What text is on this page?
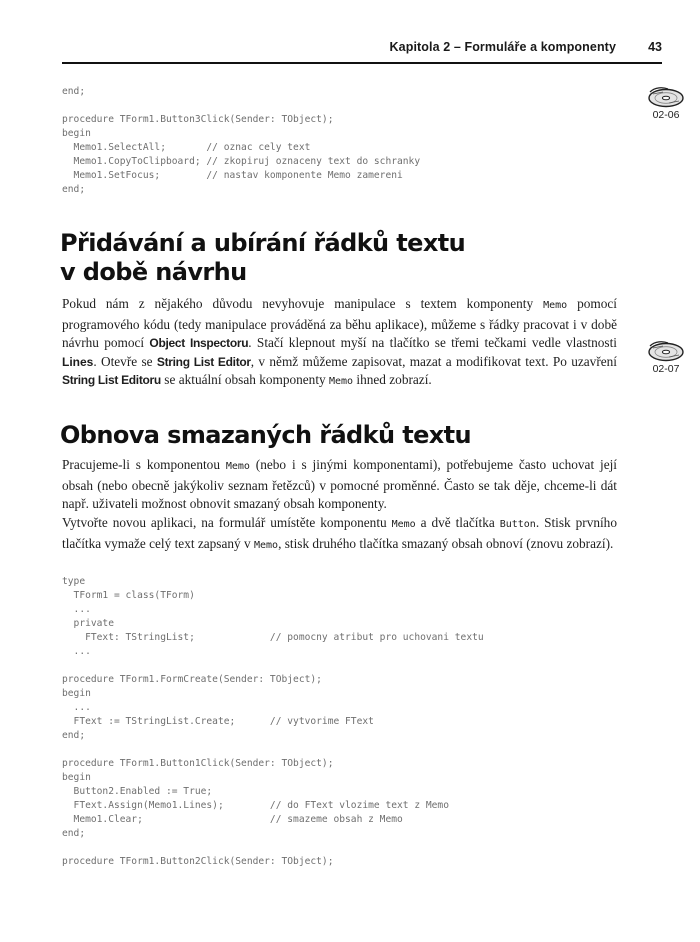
Kapitola 2 – Formuláře a komponenty	43
end;
procedure TForm1.Button3Click(Sender: TObject);
begin
Memo1.SelectAll;       // oznac cely text
Memo1.CopyToClipboard; // zkopiruj oznaceny text do schranky
Memo1.SetFocus;        // nastav komponente Memo zamereni
end;
02-06
Přidávání a ubírání řádků textu
v době návrhu

Pokud nám z nějakého důvodu nevyhovuje manipulace s textem komponenty Memo pomocí programového kódu (tedy manipulace prováděná za běhu aplikace), můžeme s řádky pracovat i v době návrhu pomocí Object Inspectoru. Stačí klepnout myší na tlačítko se třemi tečkami vedle vlastnosti Lines. Otevře se String List Editor, v němž můžeme zapisovat, mazat a modifikovat text. Po uzavření String List Editoru se aktuální obsah komponenty Memo ihned zobrazí.

02-07
Obnova smazaných řádků textu

Pracujeme-li s komponentou Memo (nebo i s jinými komponentami), potřebujeme často uchovat její obsah (nebo obecně jakýkoliv seznam řetězců) v pomocné proměnné. Často se tak děje, chceme-li dát např. uživateli možnost obnovit smazaný obsah komponenty.

Vytvořte novou aplikaci, na formulář umístěte komponentu Memo a dvě tlačítka Button. Stisk prvního tlačítka vymaže celý text zapsaný v Memo, stisk druhého tlačítka smazaný obsah obnoví (znovu zobrazí).

type
TForm1 = class(TForm)
...
private
FText: TStringList;             // pomocny atribut pro uchovani textu
...
procedure TForm1.FormCreate(Sender: TObject);
begin
...
FText := TStringList.Create;      // vytvorime FText
end;
procedure TForm1.Button1Click(Sender: TObject);
begin
Button2.Enabled := True;
FText.Assign(Memo1.Lines);        // do FText vlozime text z Memo
Memo1.Clear;                      // smazeme obsah z Memo
end;
procedure TForm1.Button2Click(Sender: TObject);
